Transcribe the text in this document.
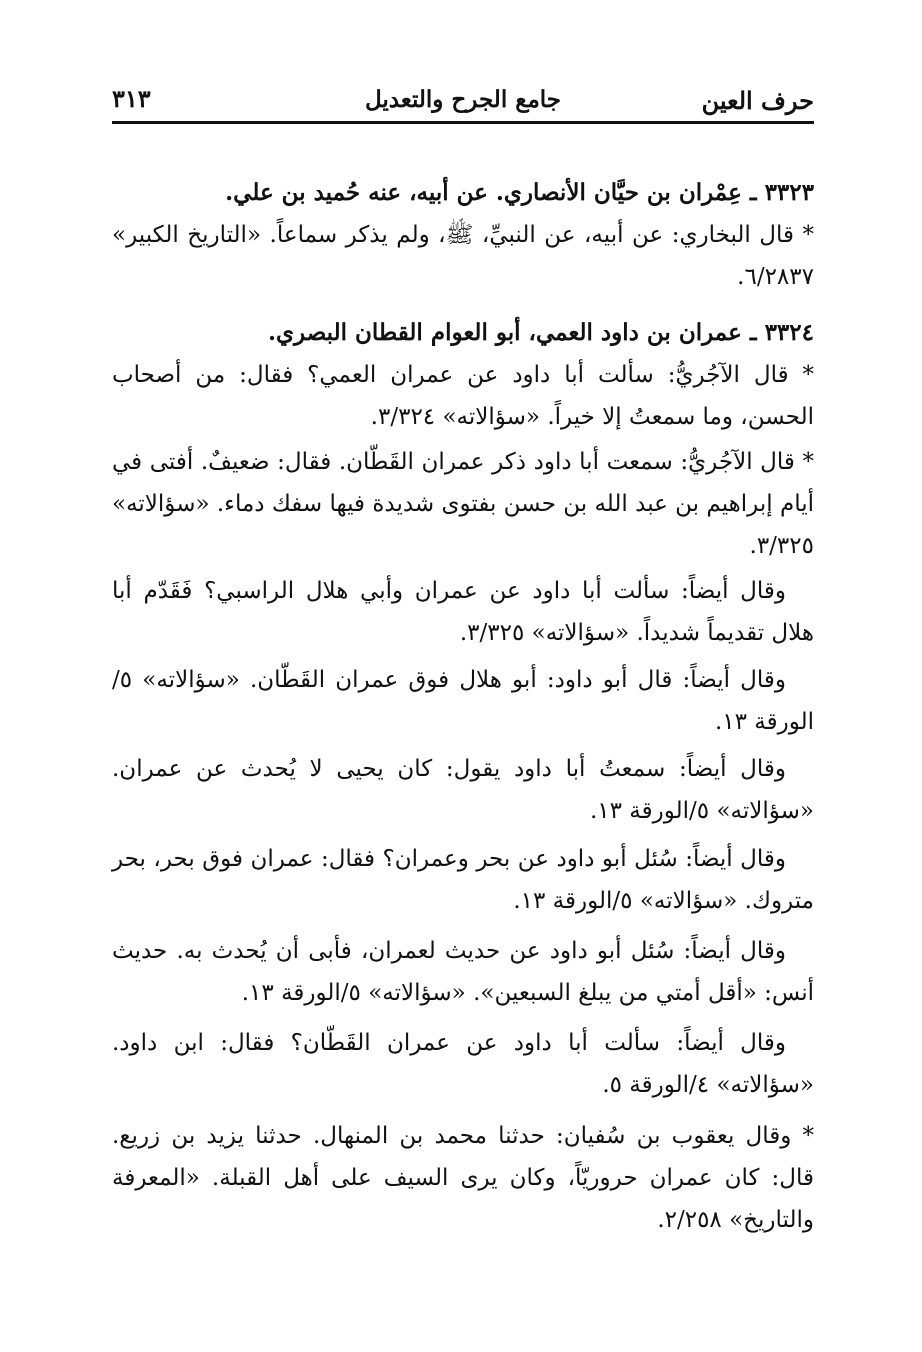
حرف العين
جامع الجرح والتعديل
٣١٣

٣٣٢٣ ـ عِمْران بن حيَّان الأنصاري. عن أبيه، عنه حُميد بن علي.

* قال البخاري: عن أبيه، عن النبيِّ، ﷺ، ولم يذكر سماعاً. «التاريخ الكبير» ٦/٢٨٣٧.

٣٣٢٤ ـ عمران بن داود العمي، أبو العوام القطان البصري.

* قال الآجُريُّ: سألت أبا داود عن عمران العمي؟ فقال: من أصحاب الحسن، وما سمعتُ إلا خيراً. «سؤالاته» ٣/٣٢٤.

* قال الآجُريُّ: سمعت أبا داود ذكر عمران القَطّان. فقال: ضعيفٌ. أفتى في أيام إبراهيم بن عبد الله بن حسن بفتوى شديدة فيها سفك دماء. «سؤالاته» ٣/٣٢٥.

وقال أيضاً: سألت أبا داود عن عمران وأبي هلال الراسبي؟ فَقَدّم أبا هلال تقديماً شديداً. «سؤالاته» ٣/٣٢٥.

وقال أيضاً: قال أبو داود: أبو هلال فوق عمران القَطّان. «سؤالاته» ٥/الورقة ١٣.

وقال أيضاً: سمعتُ أبا داود يقول: كان يحيى لا يُحدث عن عمران. «سؤالاته» ٥/الورقة ١٣.

وقال أيضاً: سُئل أبو داود عن بحر وعمران؟ فقال: عمران فوق بحر، بحر متروك. «سؤالاته» ٥/الورقة ١٣.

وقال أيضاً: سُئل أبو داود عن حديث لعمران، فأبى أن يُحدث به. حديث أنس: «أقل أمتي من يبلغ السبعين». «سؤالاته» ٥/الورقة ١٣.

وقال أيضاً: سألت أبا داود عن عمران القَطّان؟ فقال: ابن داود. «سؤالاته» ٤/الورقة ٥.

* وقال يعقوب بن سُفيان: حدثنا محمد بن المنهال. حدثنا يزيد بن زريع. قال: كان عمران حروريّاً، وكان يرى السيف على أهل القبلة. «المعرفة والتاريخ» ٢/٢٥٨.
